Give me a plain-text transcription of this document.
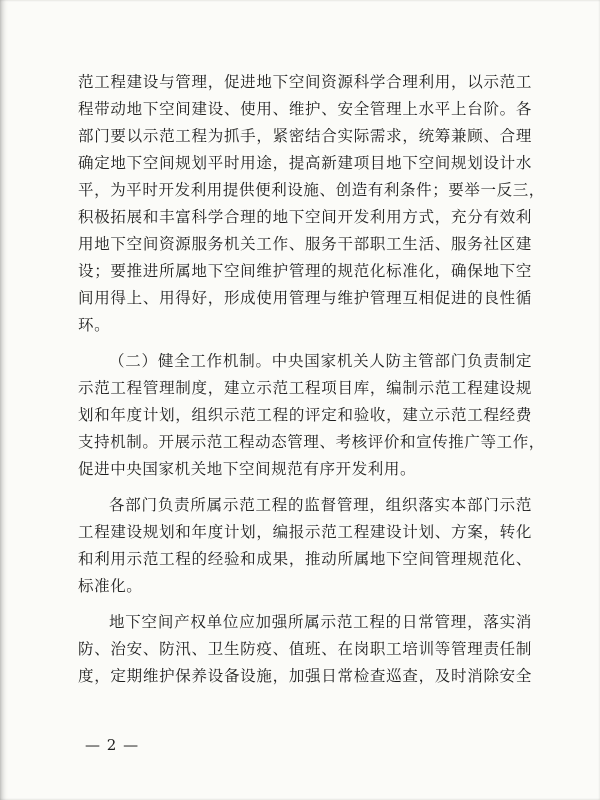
范工程建设与管理，促进地下空间资源科学合理利用，以示范工
程带动地下空间建设、使用、维护、安全管理上水平上台阶。各
部门要以示范工程为抓手，紧密结合实际需求，统筹兼顾、合理
确定地下空间规划平时用途，提高新建项目地下空间规划设计水
平，为平时开发利用提供便利设施、创造有利条件；要举一反三，
积极拓展和丰富科学合理的地下空间开发利用方式，充分有效利
用地下空间资源服务机关工作、服务干部职工生活、服务社区建
设；要推进所属地下空间维护管理的规范化标准化，确保地下空
间用得上、用得好，形成使用管理与维护管理互相促进的良性循
环。
（二）健全工作机制。中央国家机关人防主管部门负责制定
示范工程管理制度，建立示范工程项目库，编制示范工程建设规
划和年度计划，组织示范工程的评定和验收，建立示范工程经费
支持机制。开展示范工程动态管理、考核评价和宣传推广等工作，
促进中央国家机关地下空间规范有序开发利用。
各部门负责所属示范工程的监督管理，组织落实本部门示范
工程建设规划和年度计划，编报示范工程建设计划、方案，转化
和利用示范工程的经验和成果，推动所属地下空间管理规范化、
标准化。
地下空间产权单位应加强所属示范工程的日常管理，落实消
防、治安、防汛、卫生防疫、值班、在岗职工培训等管理责任制
度，定期维护保养设备设施，加强日常检查巡查，及时消除安全
— 2 —
